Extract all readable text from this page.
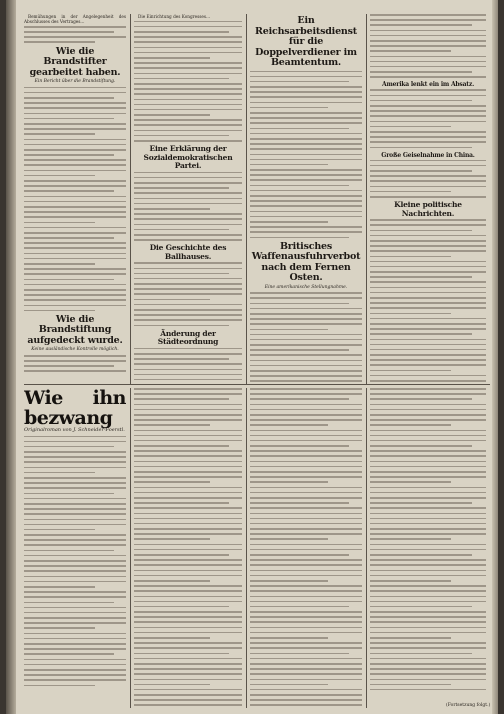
Bemühungen in der Angelegenheit des Abschlusses des Vertrages...

Wie die Brandstifter gearbeitet haben.
Ein Bericht über die Brandstiftung.
Wie die Brandstiftung aufgedeckt wurde.
Keine ausländische Kontrolle möglich.

Die Einrichtung des Kongresses...

Eine Erklärung der Sozialdemokratischen Partei.
Die Geschichte des Ballhauses.
Änderung der Städteordnung
Ein Reichsarbeitsdienst für die Doppelverdiener im Beamtentum.
Britisches Waffenausfuhrverbot nach dem Fernen Osten.
Eine amerikanische Stellungnahme.
Amerika lenkt ein im Absatz.
Große Geiselnahme in China.
Kleine politische Nachrichten.
Wie ihn bezwang
Originalroman von J. Schneider-Foerstl.
(Fortsetzung folgt.)
